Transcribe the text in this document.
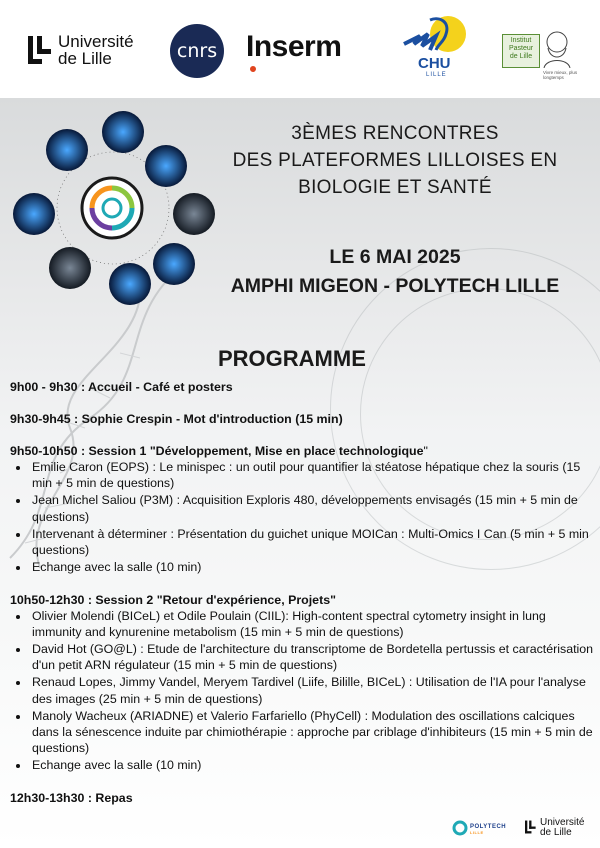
Université
de Lille	cnrs Inserm
CHU
LILLE
Institut
Pasteur
de Lille
Vivre mieux, plus longtemps
3ÈMES RENCONTRES
DES PLATEFORMES LILLOISES EN
BIOLOGIE ET SANTÉ
LE 6 MAI 2025
AMPHI MIGEON - POLYTECH LILLE
PROGRAMME

9h00 - 9h30 : Accueil - Café et posters

9h30-9h45 : Sophie Crespin - Mot d'introduction (15 min)

9h50-10h50 : Session 1 "Développement, Mise en place technologique"

• Emilie Caron (EOPS) : Le minispec : un outil pour quantifier la stéatose hépatique chez la souris (15 min + 5 min de questions)
• Jean Michel Saliou (P3M) : Acquisition Exploris 480, développements envisagés (15 min + 5 min de questions)
• Intervenant à déterminer : Présentation du guichet unique MOICan : Multi-Omics I Can (5 min + 5 min questions)
• Echange avec la salle (10 min)

10h50-12h30 : Session 2 "Retour d'expérience, Projets"

• Olivier Molendi (BICeL) et Odile Poulain (CIIL): High-content spectral cytometry insight in lung immunity and kynurenine metabolism (15 min + 5 min de questions)
• David Hot (GO@L) : Etude de l'architecture du transcriptome de Bordetella pertussis et caractérisation d'un petit ARN régulateur (15 min + 5 min de questions)
• Renaud Lopes, Jimmy Vandel, Meryem Tardivel (Liife, Bilille, BICeL) : Utilisation de l'IA pour l'analyse des images (25 min + 5 min de questions)
• Manoly Wacheux (ARIADNE) et Valerio Farfariello (PhyCell) : Modulation des oscillations calciques dans la sénescence induite par chimiothérapie : approche par criblage d'inhibiteurs (15 min + 5 min de questions)
• Echange avec la salle (10 min)

12h30-13h30 : Repas

POLYTECH
LILLE
Université
de Lille
